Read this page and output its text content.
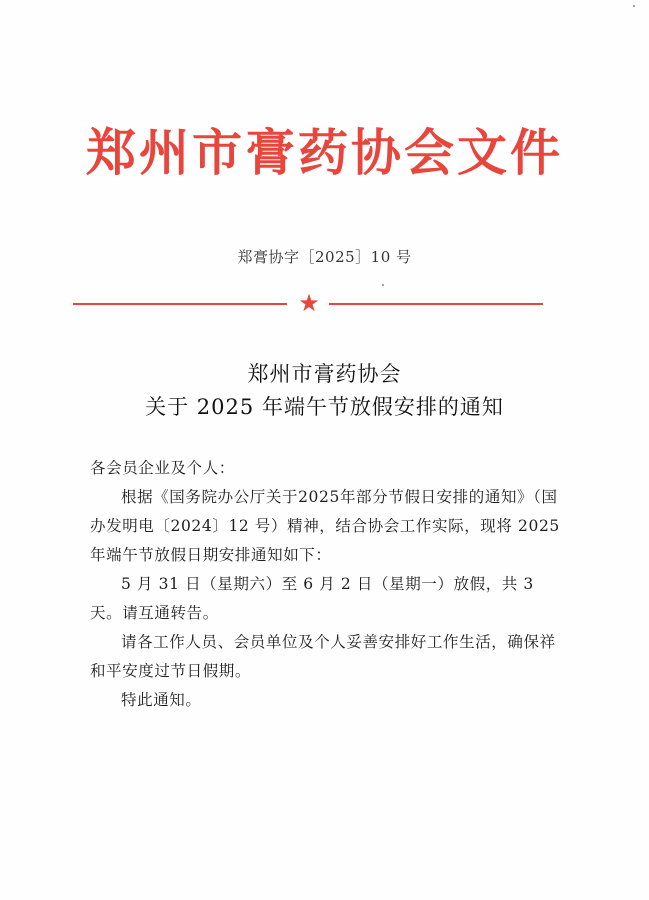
郑州市膏药协会文件
郑膏协字［2025］10 号
★
郑州市膏药协会
关于 2025 年端午节放假安排的通知

各会员企业及个人：

根据《国务院办公厅关于2025年部分节假日安排的通知》（国办发明电〔2024〕12 号）精神，结合协会工作实际，现将 2025 年端午节放假日期安排通知如下：

5 月 31 日（星期六）至 6 月 2 日（星期一）放假，共 3 天。请互通转告。

请各工作人员、会员单位及个人妥善安排好工作生活，确保祥和平安度过节日假期。

特此通知。
